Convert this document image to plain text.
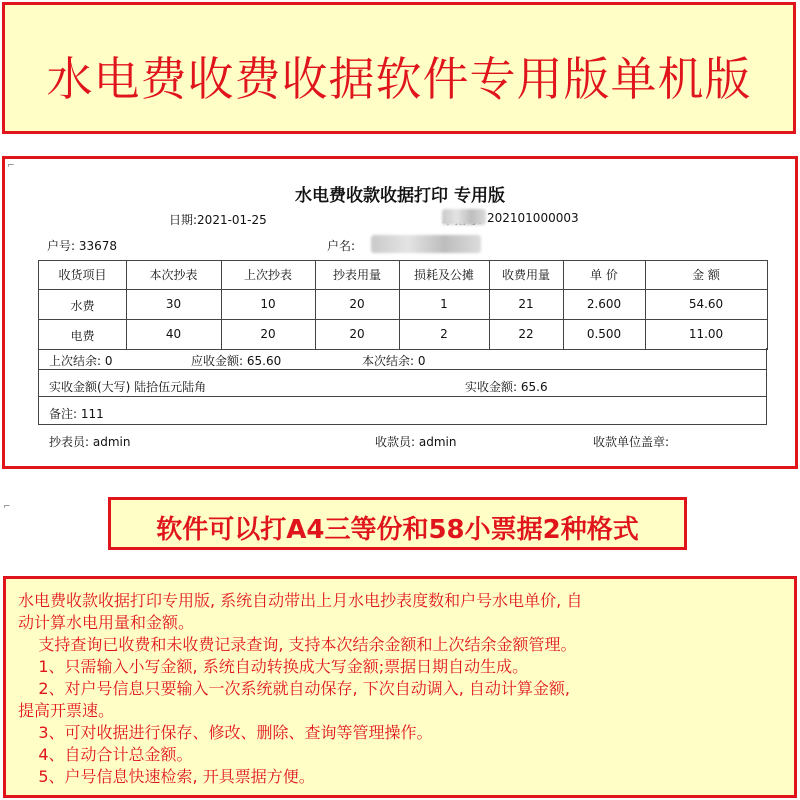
水电费收费收据软件专用版单机版
⌐
水电费收款收据打印 专用版
日期:2021-01-25	202101000003
户号: 33678	户名:
收货项目	本次抄表	上次抄表	抄表用量	损耗及公摊	收费用量	单 价	金 额
水费	30	10	20	1	21	2.600	54.60
电费	40	20	20	2	22	0.500	11.00
上次结余: 0	应收金额: 65.60	本次结余: 0
实收金额(大写) 陆拾伍元陆角	实收金额: 65.6
备注: 111
抄表员: admin	收款员: admin	收款单位盖章:
⌐
软件可以打A4三等份和58小票据2种格式
水电费收款收据打印专用版, 系统自动带出上月水电抄表度数和户号水电单价, 自
动计算水电用量和金额。
支持查询已收费和未收费记录查询, 支持本次结余金额和上次结余金额管理。
1、只需输入小写金额, 系统自动转换成大写金额;票据日期自动生成。
2、对户号信息只要输入一次系统就自动保存, 下次自动调入, 自动计算金额,
提高开票速。
3、可对收据进行保存、修改、删除、查询等管理操作。
4、自动合计总金额。
5、户号信息快速检索, 开具票据方便。
